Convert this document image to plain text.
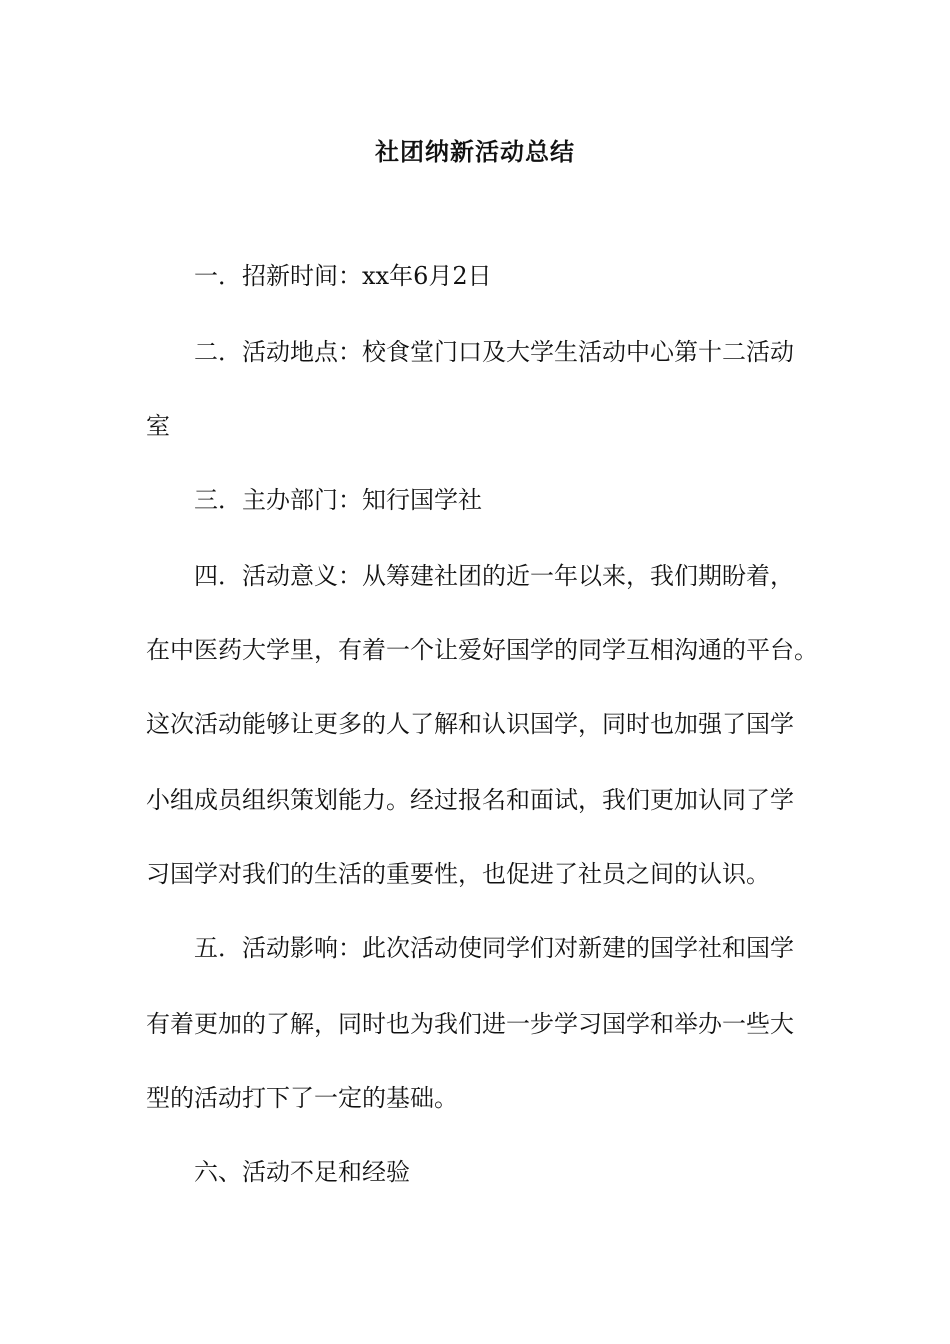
社团纳新活动总结

一．招新时间：xx年6月2日

二．活动地点：校食堂门口及大学生活动中心第十二活动

室

三．主办部门：知行国学社

四．活动意义：从筹建社团的近一年以来，我们期盼着，

在中医药大学里，有着一个让爱好国学的同学互相沟通的平台。

这次活动能够让更多的人了解和认识国学，同时也加强了国学

小组成员组织策划能力。经过报名和面试，我们更加认同了学

习国学对我们的生活的重要性，也促进了社员之间的认识。

五．活动影响：此次活动使同学们对新建的国学社和国学

有着更加的了解，同时也为我们进一步学习国学和举办一些大

型的活动打下了一定的基础。

六、活动不足和经验
